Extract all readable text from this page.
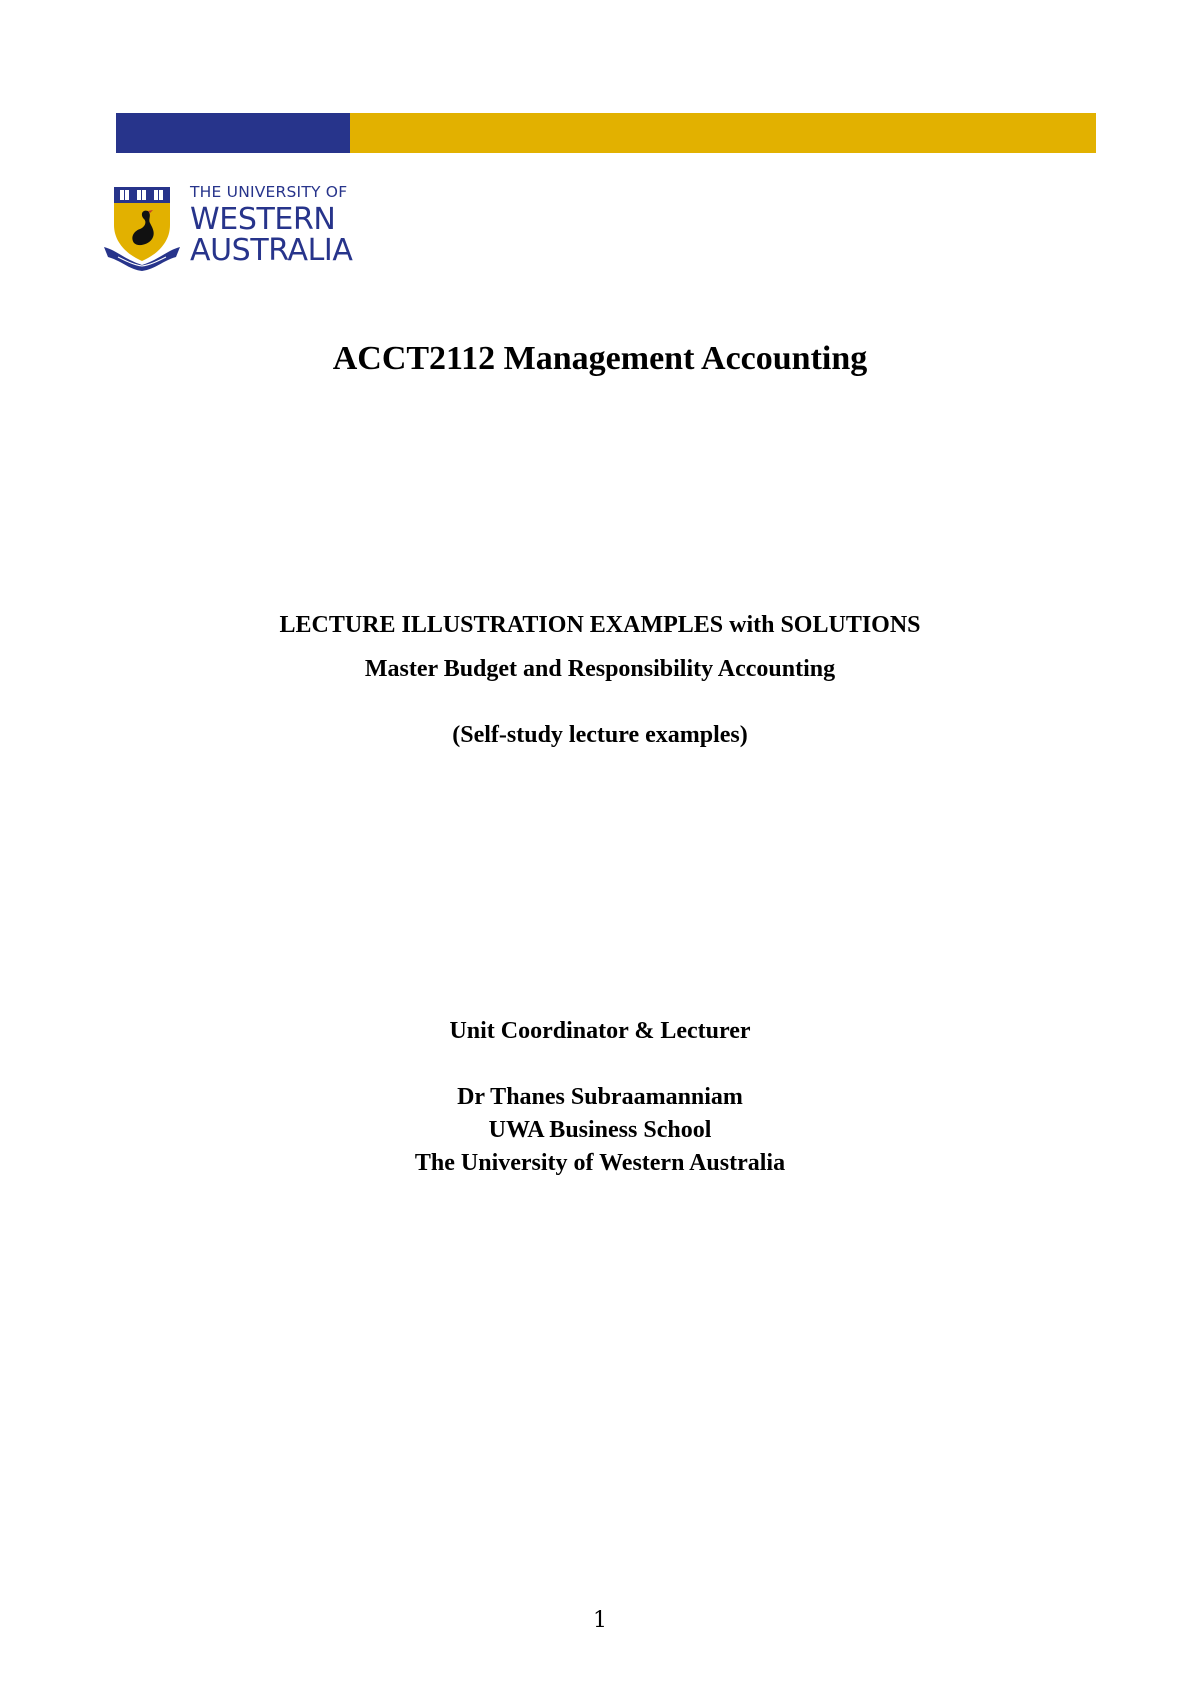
THE UNIVERSITY OF
WESTERN
AUSTRALIA
ACCT2112 Management Accounting
LECTURE ILLUSTRATION EXAMPLES with SOLUTIONS
Master Budget and Responsibility Accounting
(Self-study lecture examples)
Unit Coordinator & Lecturer
Dr Thanes Subraamanniam
UWA Business School
The University of Western Australia
1
